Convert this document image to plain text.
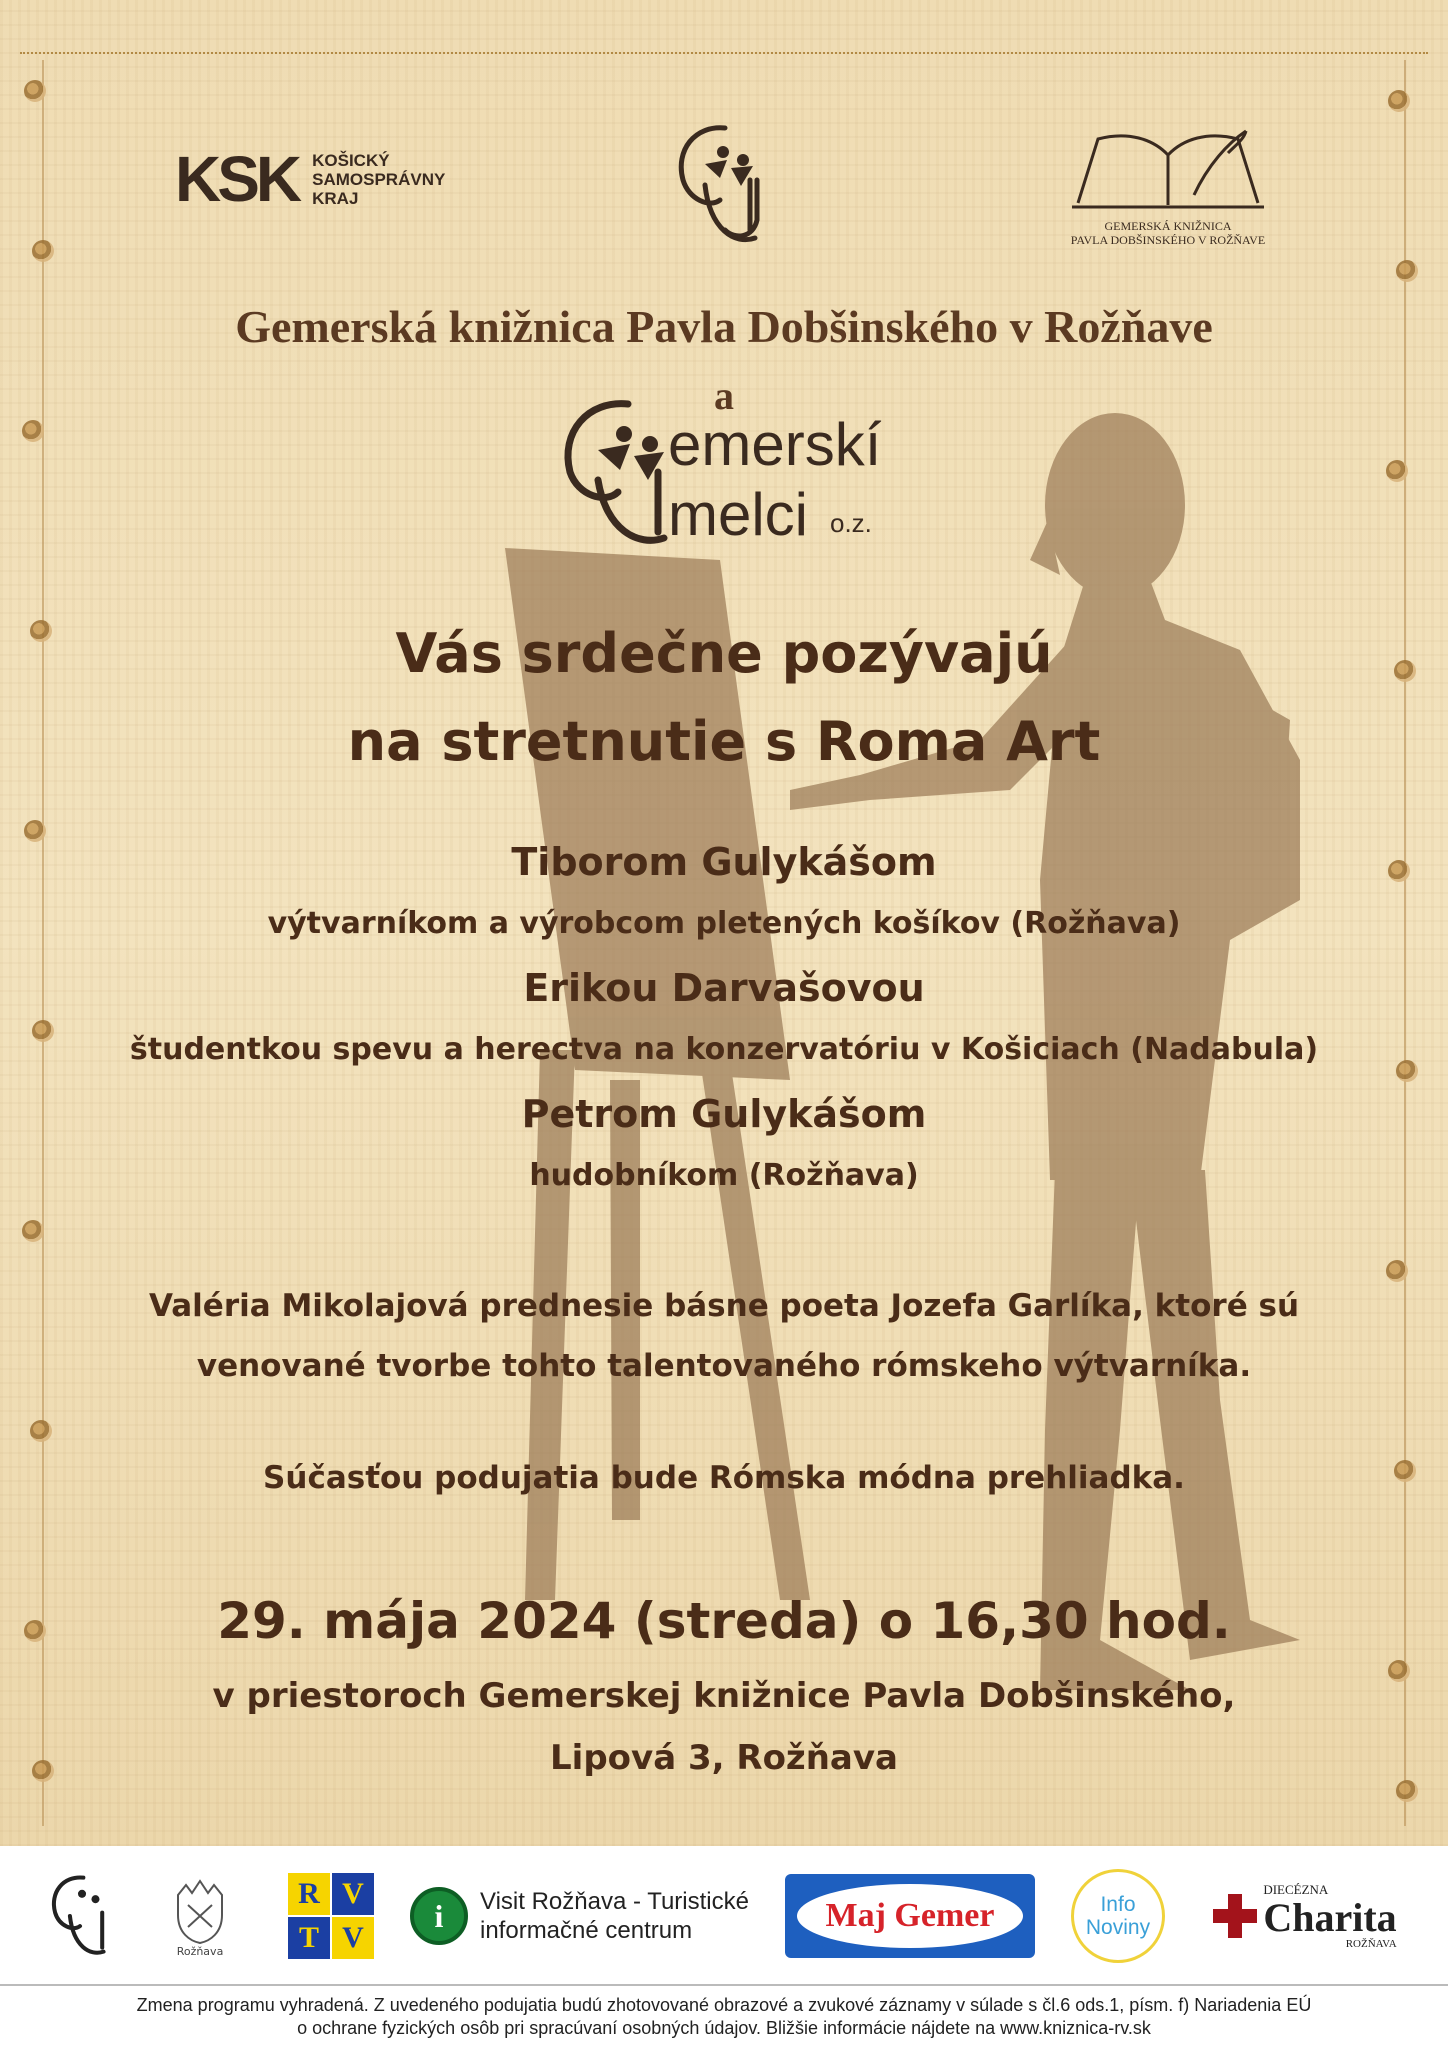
KSK KOŠICKÝ
SAMOSPRÁVNY
KRAJ
GEMERSKÁ KNIŽNICA
PAVLA DOBŠINSKÉHO V ROŽŇAVE
Gemerská knižnica Pavla Dobšinského v Rožňave
a
emerskí
melci o.z.
Vás srdečne pozývajú
na stretnutie s Roma Art
Tiborom Gulykášom
výtvarníkom a výrobcom pletených košíkov (Rožňava)
Erikou Darvašovou
študentkou spevu a herectva na konzervatóriu v Košiciach (Nadabula)
Petrom Gulykášom
hudobníkom (Rožňava)
Valéria Mikolajová prednesie básne poeta Jozefa Garlíka, ktoré sú
venované tvorbe tohto talentovaného rómskeho výtvarníka.
Súčasťou podujatia bude Rómska módna prehliadka.
29. mája 2024 (streda) o 16,30 hod.
v priestoroch Gemerskej knižnice Pavla Dobšinského,
Lipová 3, Rožňava
Rožňava
R V
T V
i	Visit Rožňava - Turistické
informačné centrum	Maj Gemer	Info
Noviny
DIECÉZNA
Charita
ROŽŇAVA
Zmena programu vyhradená. Z uvedeného podujatia budú zhotovované obrazové a zvukové záznamy v súlade s čl.6 ods.1, písm. f) Nariadenia EÚ
o ochrane fyzických osôb pri spracúvaní osobných údajov. Bližšie informácie nájdete na www.kniznica-rv.sk
